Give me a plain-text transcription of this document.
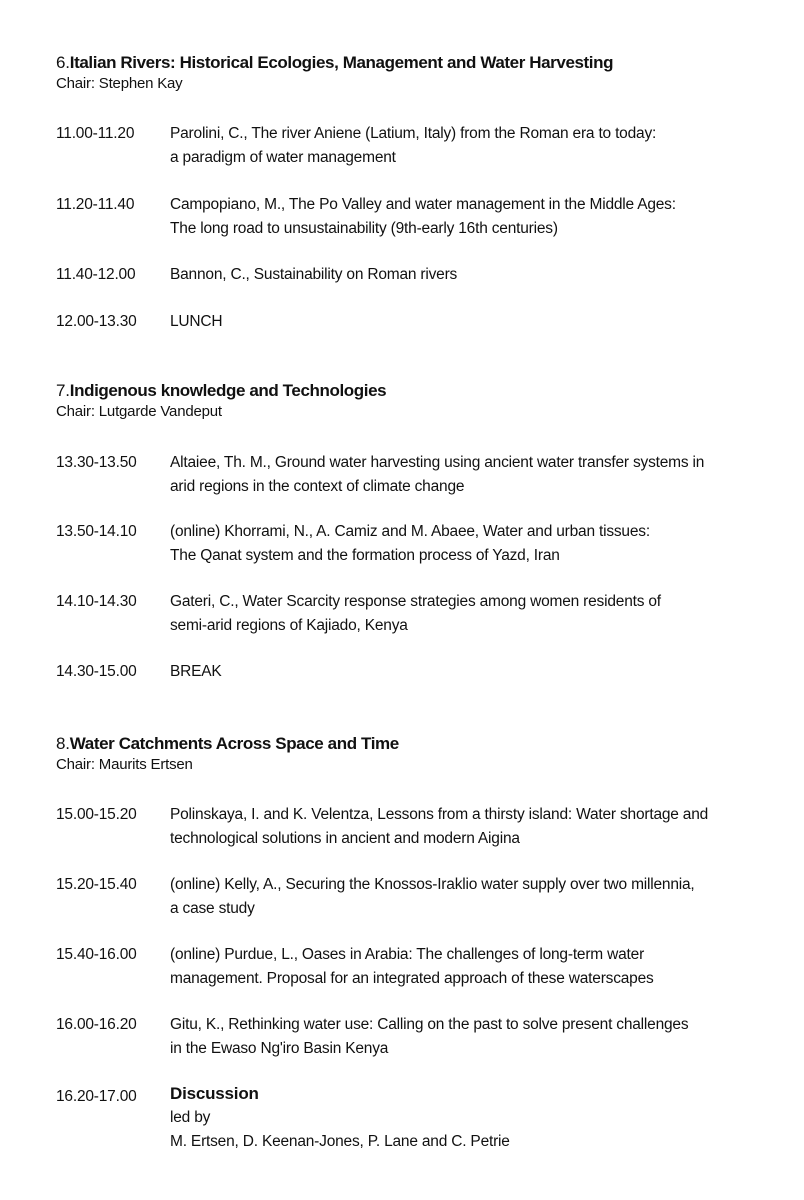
6.Italian Rivers: Historical Ecologies, Management and Water Harvesting
Chair: Stephen Kay
11.00-11.20	Parolini, C., The river Aniene (Latium, Italy) from the Roman era to today:
a paradigm of water management
11.20-11.40	Campopiano, M., The Po Valley and water management in the Middle Ages:
The long road to unsustainability (9th-early 16th centuries)
11.40-12.00	Bannon, C., Sustainability on Roman rivers
12.00-13.30	LUNCH
7.Indigenous knowledge and Technologies
Chair: Lutgarde Vandeput
13.30-13.50	Altaiee, Th. M., Ground water harvesting using ancient water transfer systems in
arid regions in the context of climate change
13.50-14.10	(online) Khorrami, N., A. Camiz and M. Abaee, Water and urban tissues:
The Qanat system and the formation process of Yazd, Iran
14.10-14.30	Gateri, C., Water Scarcity response strategies among women residents of
semi-arid regions of Kajiado, Kenya
14.30-15.00	BREAK
8.Water Catchments Across Space and Time
Chair: Maurits Ertsen
15.00-15.20	Polinskaya, I. and K. Velentza, Lessons from a thirsty island: Water shortage and
technological solutions in ancient and modern Aigina
15.20-15.40	(online) Kelly, A., Securing the Knossos-Iraklio water supply over two millennia,
a case study
15.40-16.00	(online) Purdue, L., Oases in Arabia: The challenges of long-term water
management. Proposal for an integrated approach of these waterscapes
16.00-16.20	Gitu, K., Rethinking water use: Calling on the past to solve present challenges
in the Ewaso Ng'iro Basin Kenya
16.20-17.00	Discussion
led by
M. Ertsen, D. Keenan-Jones, P. Lane and C. Petrie
